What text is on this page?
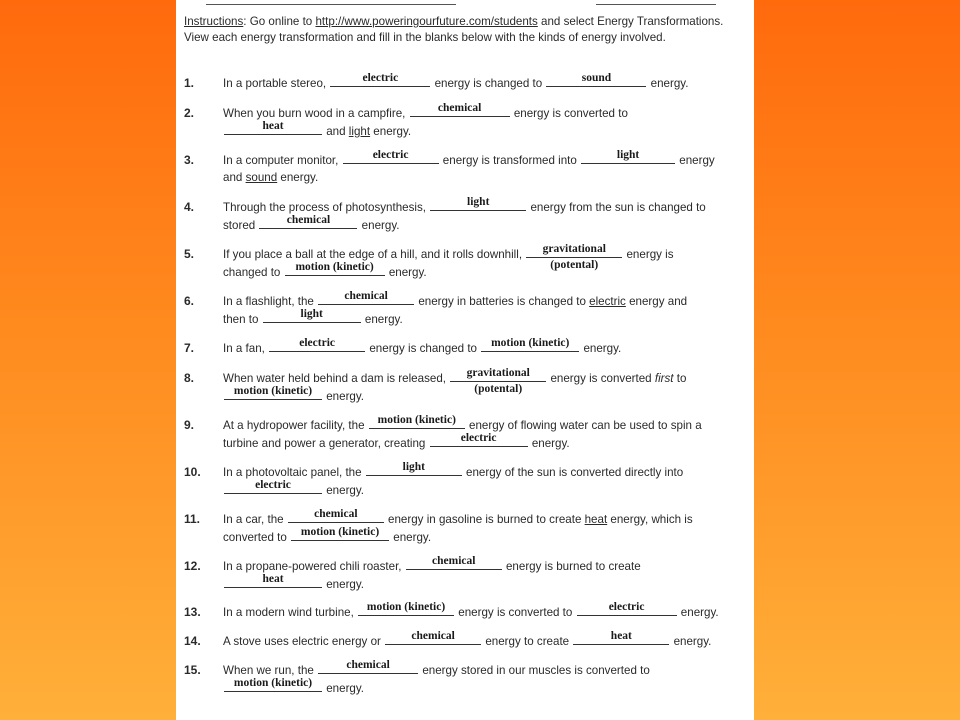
Instructions: Go online to http://www.poweringourfuture.com/students and select Energy Transformations. View each energy transformation and fill in the blanks below with the kinds of energy involved.
1. In a portable stereo,	electric	energy is changed to	sound	energy.
2. When you burn wood in a campfire,	chemical	energy is converted to
heat	and light energy.
3. In a computer monitor,	electric	energy is transformed into	light	energy
and sound energy.
4. Through the process of photosynthesis,	light	energy from the sun is changed to
stored	chemical	energy.
5. If you place a ball at the edge of a hill, and it rolls downhill,	gravitational
(potental)
energy is
changed to	motion (kinetic)	energy.
6. In a flashlight, the	chemical	energy in batteries is changed to electric energy and
then to	light	energy.
7. In a fan,	electric	energy is changed to motion (kinetic) energy.
8. When water held behind a dam is released,	gravitational
(potental)
energy is converted first to
motion (kinetic) energy.
9. At a hydropower facility, the motion (kinetic) energy of flowing water can be used to spin a
turbine and power a generator, creating	electric	energy.
10. In a photovoltaic panel, the	light	energy of the sun is converted directly into
electric	energy.
11. In a car, the	chemical	energy in gasoline is burned to create heat energy, which is
converted to motion (kinetic) energy.
12. In a propane-powered chili roaster,	chemical	energy is burned to create
heat	energy.
13. In a modern wind turbine, motion (kinetic) energy is converted to	electric	energy.
14. A stove uses electric energy or	chemical	energy to create	heat	energy.
15. When we run, the	chemical	energy stored in our muscles is converted to
motion (kinetic) energy.
